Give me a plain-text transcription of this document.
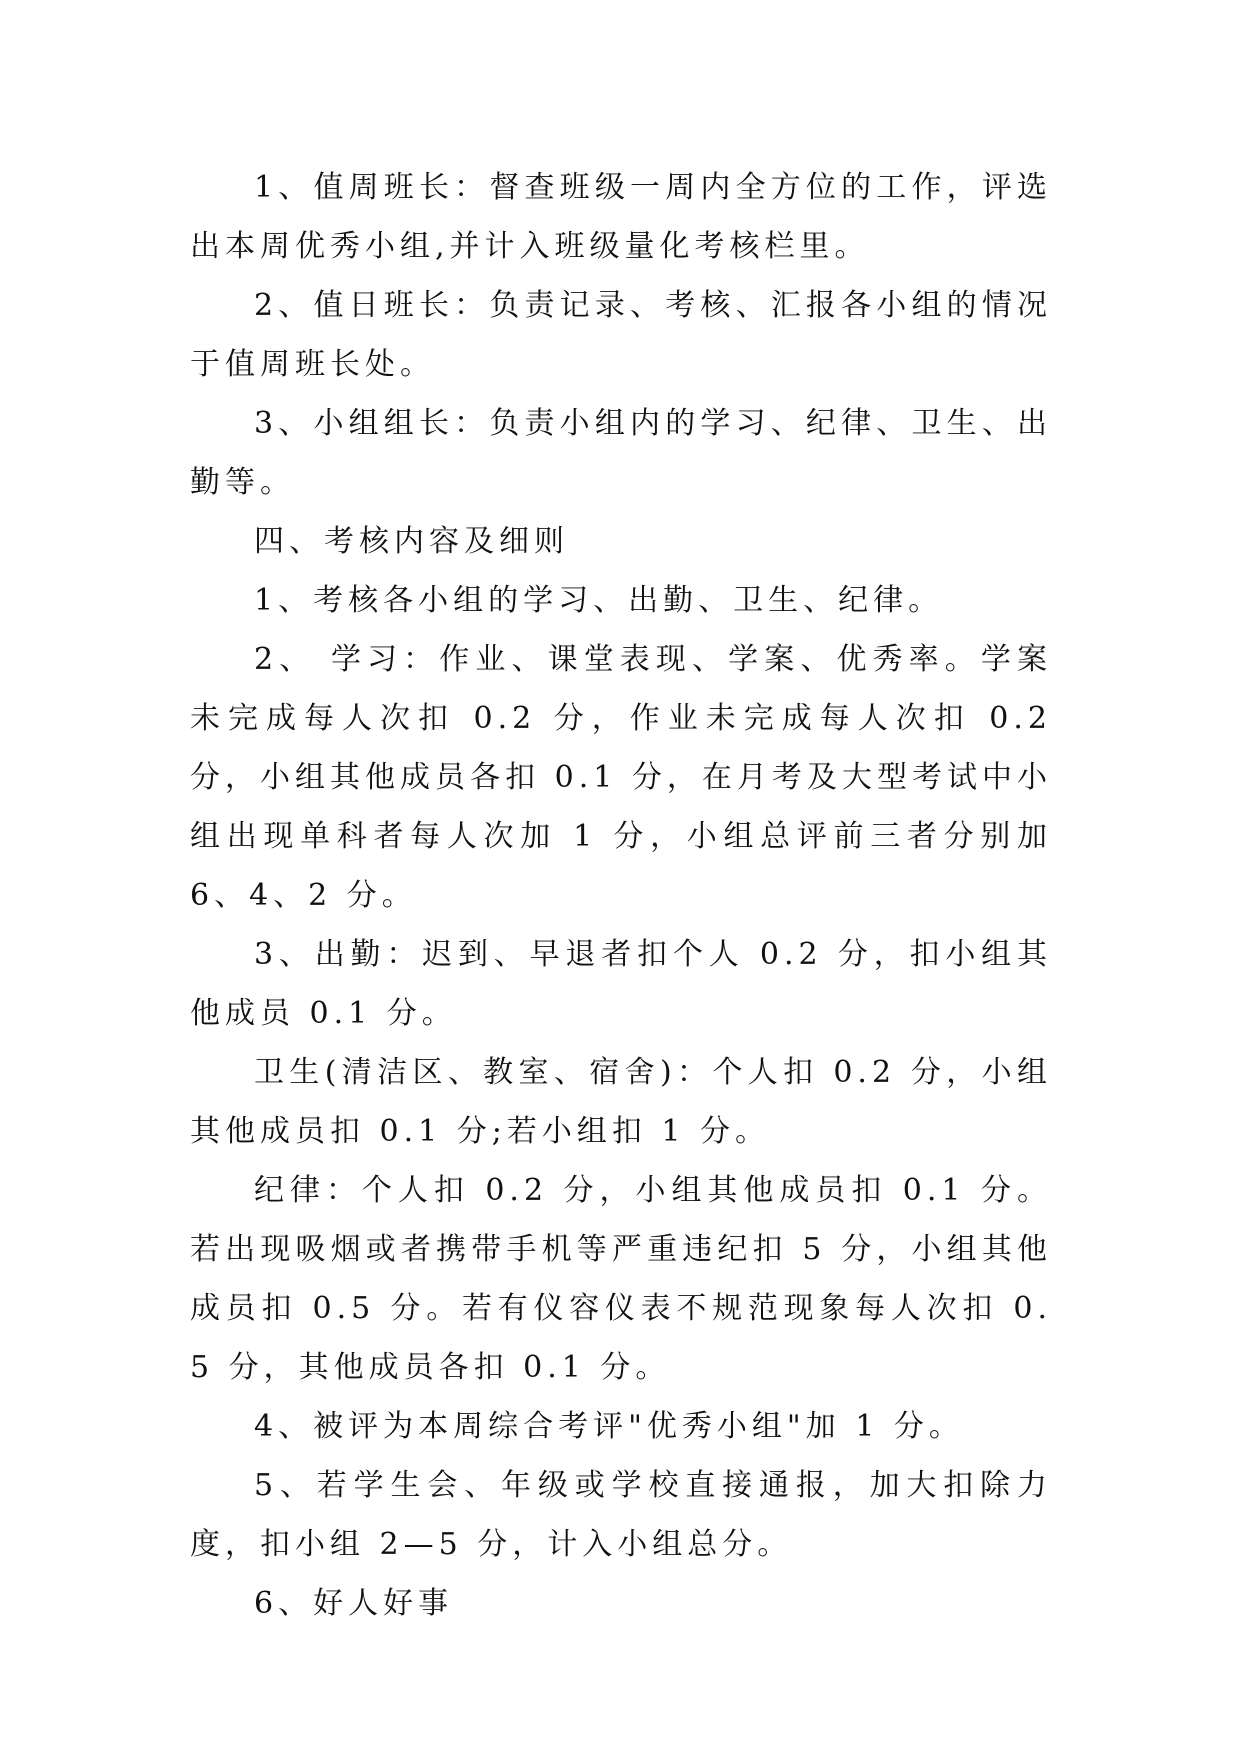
1、值周班长：督查班级一周内全方位的工作，评选出本周优秀小组,并计入班级量化考核栏里。

2、值日班长：负责记录、考核、汇报各小组的情况于值周班长处。

3、小组组长：负责小组内的学习、纪律、卫生、出勤等。

四、考核内容及细则

1、考核各小组的学习、出勤、卫生、纪律。

2、 学习：作业、课堂表现、学案、优秀率。学案未完成每人次扣 0.2 分，作业未完成每人次扣 0.2 分，小组其他成员各扣 0.1 分，在月考及大型考试中小组出现单科者每人次加 1 分，小组总评前三者分别加 6、4、2 分。

3、出勤：迟到、早退者扣个人 0.2 分，扣小组其他成员 0.1 分。

卫生(清洁区、教室、宿舍)：个人扣 0.2 分，小组其他成员扣 0.1 分;若小组扣 1 分。

纪律：个人扣 0.2 分，小组其他成员扣 0.1 分。若出现吸烟或者携带手机等严重违纪扣 5 分，小组其他成员扣 0.5 分。若有仪容仪表不规范现象每人次扣 0.5 分，其他成员各扣 0.1 分。

4、被评为本周综合考评"优秀小组"加 1 分。

5、若学生会、年级或学校直接通报，加大扣除力度，扣小组 2—5 分，计入小组总分。

6、好人好事
